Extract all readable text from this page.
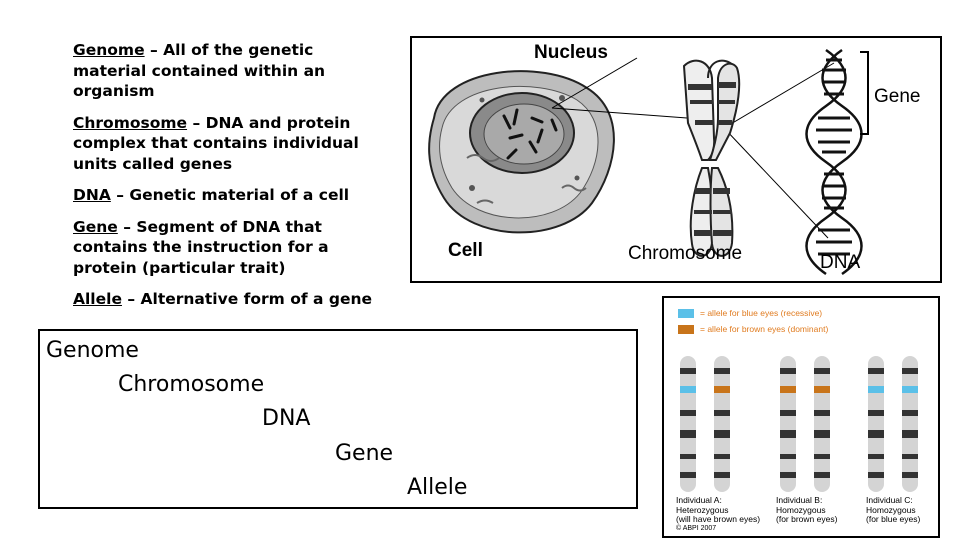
Genome – All of the genetic material contained within an organism

Chromosome – DNA and protein complex that contains individual units called genes

DNA – Genetic material of a cell

Gene – Segment of DNA that contains the instruction for a protein (particular trait)

Allele – Alternative form of a gene

Genome
Chromosome
DNA
Gene
Allele
Nucleus
Gene
Cell	Chromosome	DNA
= allele for blue eyes (recessive)
= allele for brown eyes (dominant)
Individual A:
Heterozygous
(will have brown eyes)
Individual B:
Homozygous
(for brown eyes)
Individual C:
Homozygous
(for blue eyes)
© ABPI 2007
